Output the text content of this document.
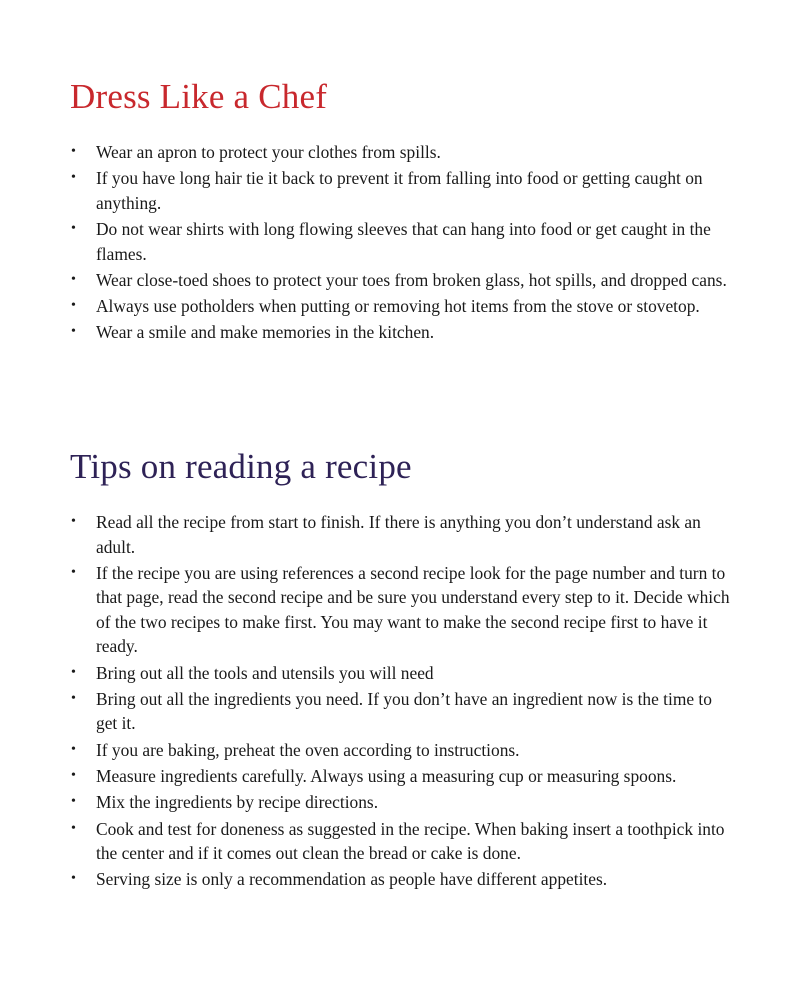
Dress Like a Chef
• Wear an apron to protect your clothes from spills.
• If you have long hair tie it back to prevent it from falling into food or getting caught on anything.
• Do not wear shirts with long flowing sleeves that can hang into food or get caught in the flames.
• Wear close-toed shoes to protect your toes from broken glass, hot spills, and dropped cans.
• Always use potholders when putting or removing hot items from the stove or stovetop.
• Wear a smile and make memories in the kitchen.
Tips on reading a recipe
• Read all the recipe from start to finish. If there is anything you don’t understand ask an adult.
• If the recipe you are using references a second recipe look for the page number and turn to that page, read the second recipe and be sure you understand every step to it. Decide which of the two recipes to make first. You may want to make the second recipe first to have it ready.
• Bring out all the tools and utensils you will need
• Bring out all the ingredients you need. If you don’t have an ingredient now is the time to get it.
• If you are baking, preheat the oven according to instructions.
• Measure ingredients carefully. Always using a measuring cup or measuring spoons.
• Mix the ingredients by recipe directions.
• Cook and test for doneness as suggested in the recipe. When baking insert a toothpick into the center and if it comes out clean the bread or cake is done.
• Serving size is only a recommendation as people have different appetites.
